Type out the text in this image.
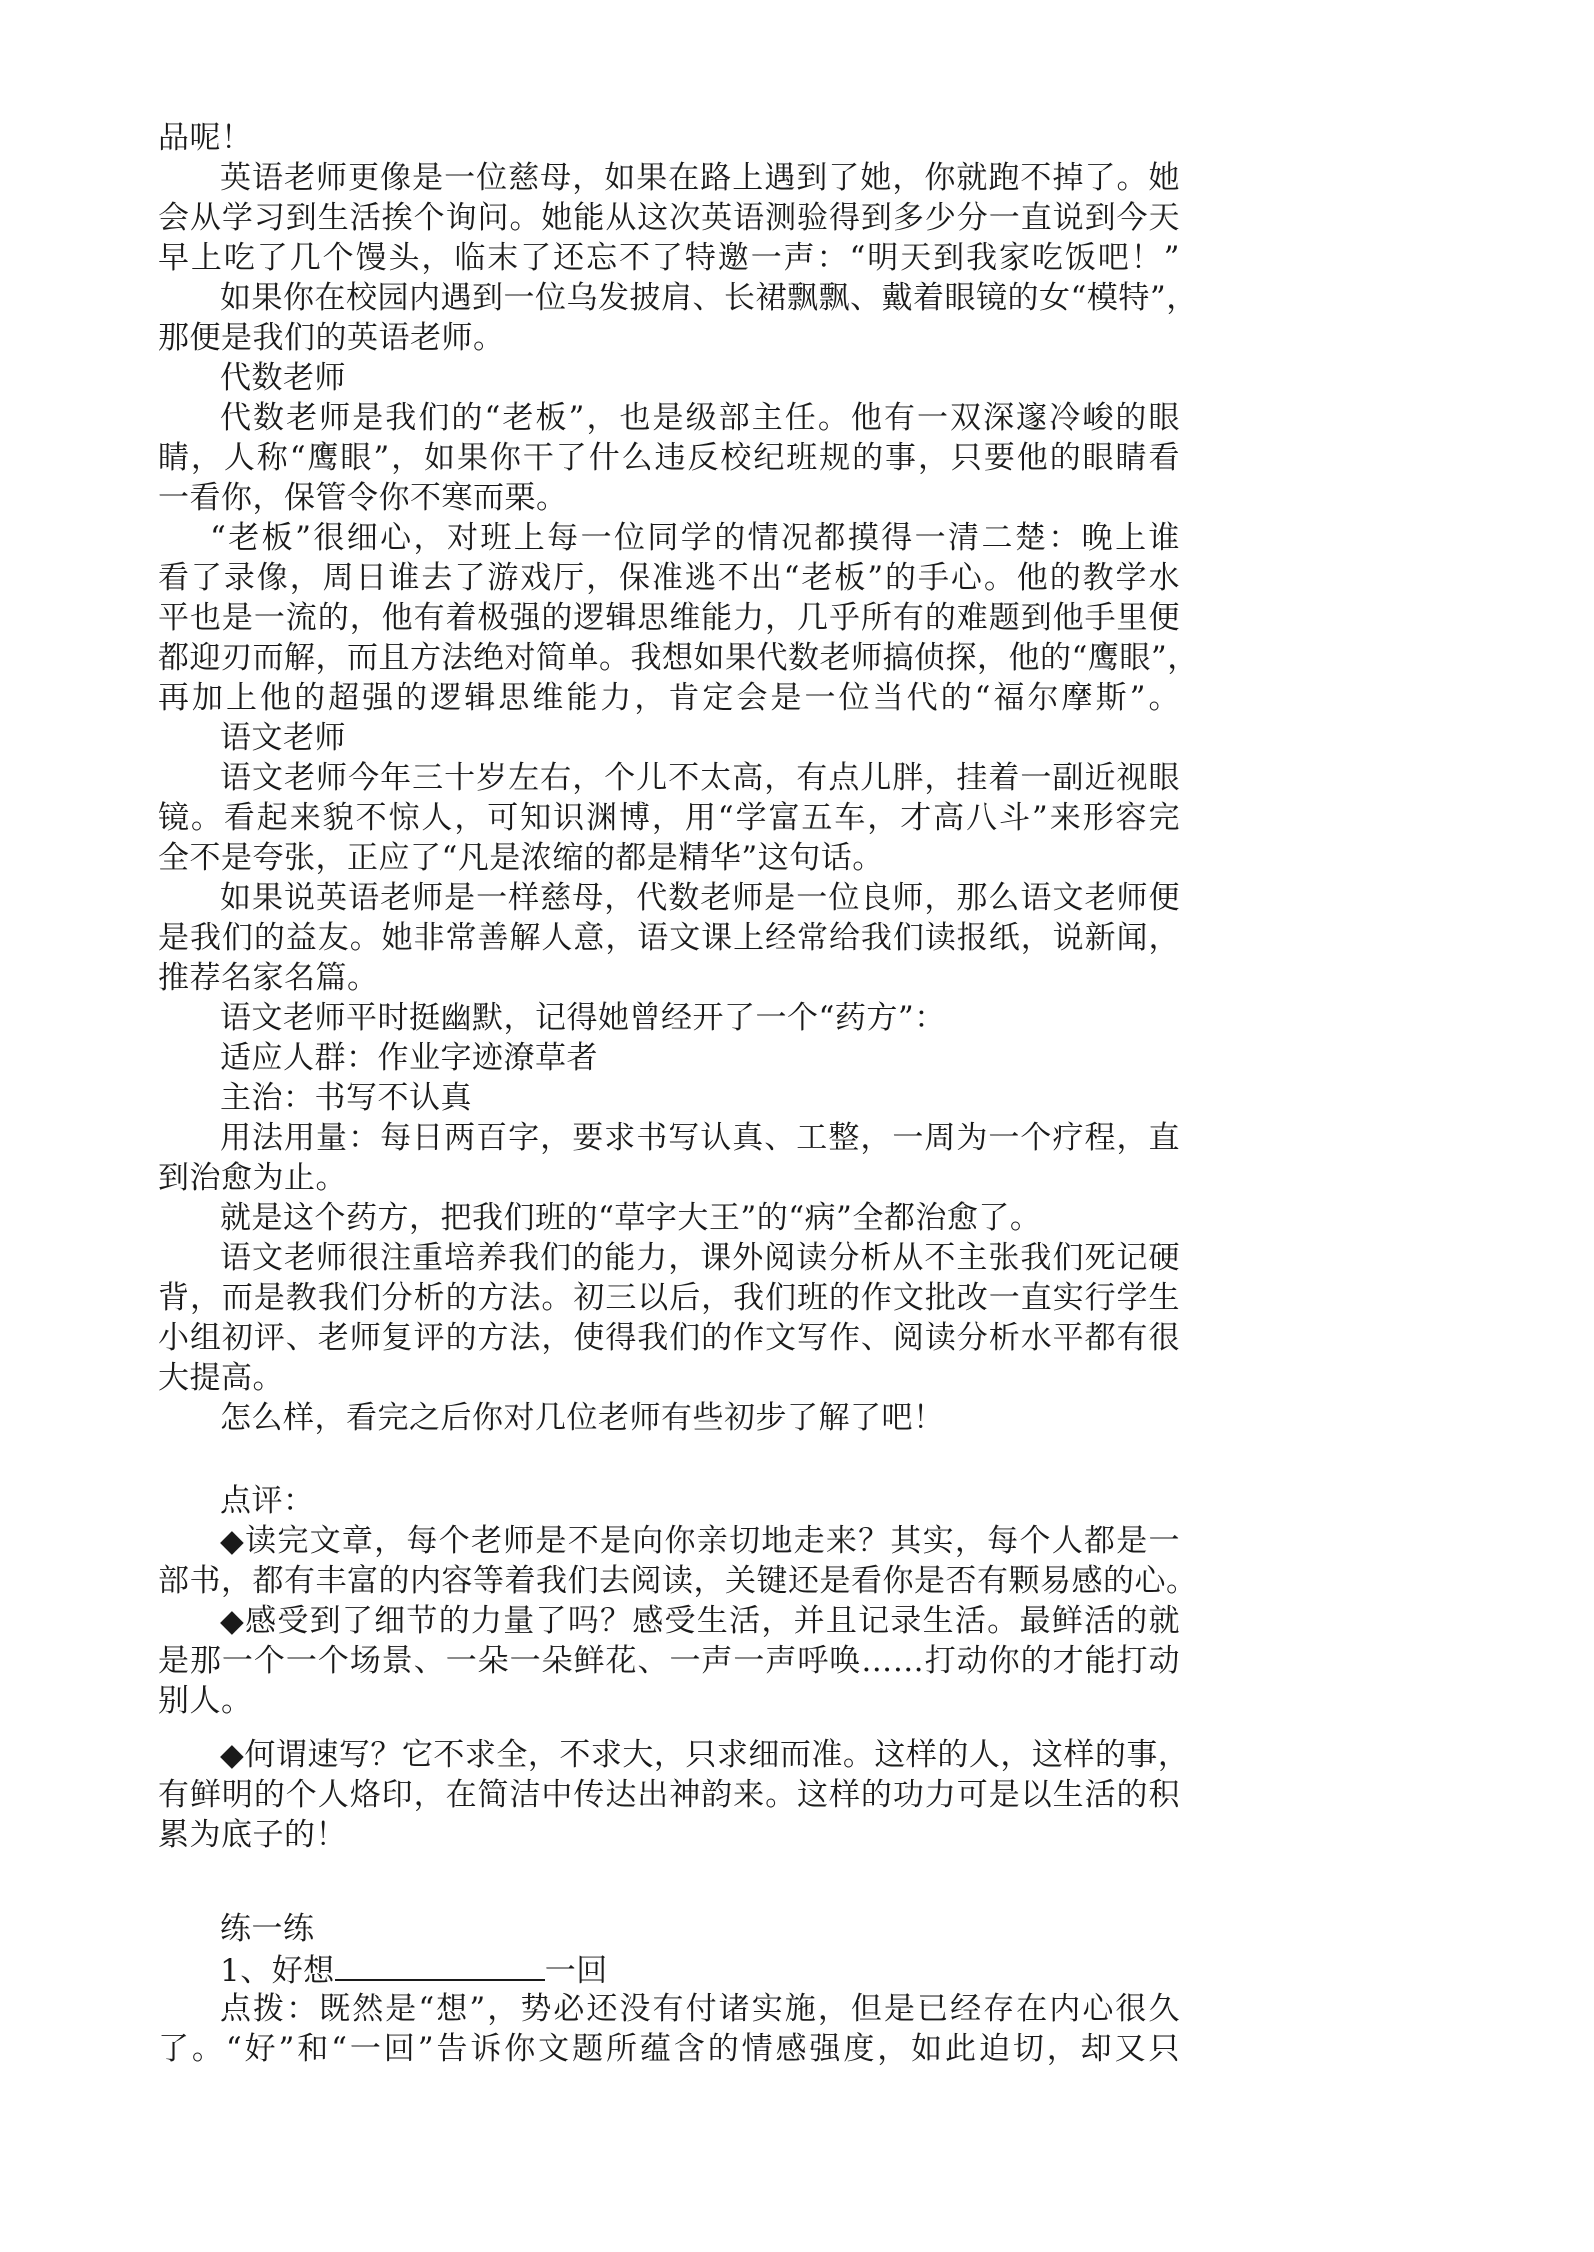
品呢！
英语老师更像是一位慈母，如果在路上遇到了她，你就跑不掉了。她
会从学习到生活挨个询问。她能从这次英语测验得到多少分一直说到今天
早上吃了几个馒头，临末了还忘不了特邀一声：“明天到我家吃饭吧！”
如果你在校园内遇到一位乌发披肩、长裙飘飘、戴着眼镜的女“模特”，
那便是我们的英语老师。
代数老师
代数老师是我们的“老板”，也是级部主任。他有一双深邃冷峻的眼
睛，人称“鹰眼”，如果你干了什么违反校纪班规的事，只要他的眼睛看
一看你，保管令你不寒而栗。
“老板”很细心，对班上每一位同学的情况都摸得一清二楚：晚上谁
看了录像，周日谁去了游戏厅，保准逃不出“老板”的手心。他的教学水
平也是一流的，他有着极强的逻辑思维能力，几乎所有的难题到他手里便
都迎刃而解，而且方法绝对简单。我想如果代数老师搞侦探，他的“鹰眼”，
再加上他的超强的逻辑思维能力，肯定会是一位当代的“福尔摩斯”。
语文老师
语文老师今年三十岁左右，个儿不太高，有点儿胖，挂着一副近视眼
镜。看起来貌不惊人，可知识渊博，用“学富五车，才高八斗”来形容完
全不是夸张，正应了“凡是浓缩的都是精华”这句话。
如果说英语老师是一样慈母，代数老师是一位良师，那么语文老师便
是我们的益友。她非常善解人意，语文课上经常给我们读报纸，说新闻，
推荐名家名篇。
语文老师平时挺幽默，记得她曾经开了一个“药方”：
适应人群：作业字迹潦草者
主治：书写不认真
用法用量：每日两百字，要求书写认真、工整，一周为一个疗程，直
到治愈为止。
就是这个药方，把我们班的“草字大王”的“病”全都治愈了。
语文老师很注重培养我们的能力，课外阅读分析从不主张我们死记硬
背，而是教我们分析的方法。初三以后，我们班的作文批改一直实行学生
小组初评、老师复评的方法，使得我们的作文写作、阅读分析水平都有很
大提高。
怎么样，看完之后你对几位老师有些初步了解了吧！
点评：
◆读完文章，每个老师是不是向你亲切地走来？其实，每个人都是一
部书，都有丰富的内容等着我们去阅读，关键还是看你是否有颗易感的心。
◆感受到了细节的力量了吗？感受生活，并且记录生活。最鲜活的就
是那一个一个场景、一朵一朵鲜花、一声一声呼唤……打动你的才能打动
别人。
◆何谓速写？它不求全，不求大，只求细而准。这样的人，这样的事，
有鲜明的个人烙印，在简洁中传达出神韵来。这样的功力可是以生活的积
累为底子的！
练一练
1、好想	一回
点拨：既然是“想”，势必还没有付诸实施，但是已经存在内心很久
了。“好”和“一回”告诉你文题所蕴含的情感强度，如此迫切，却又只
